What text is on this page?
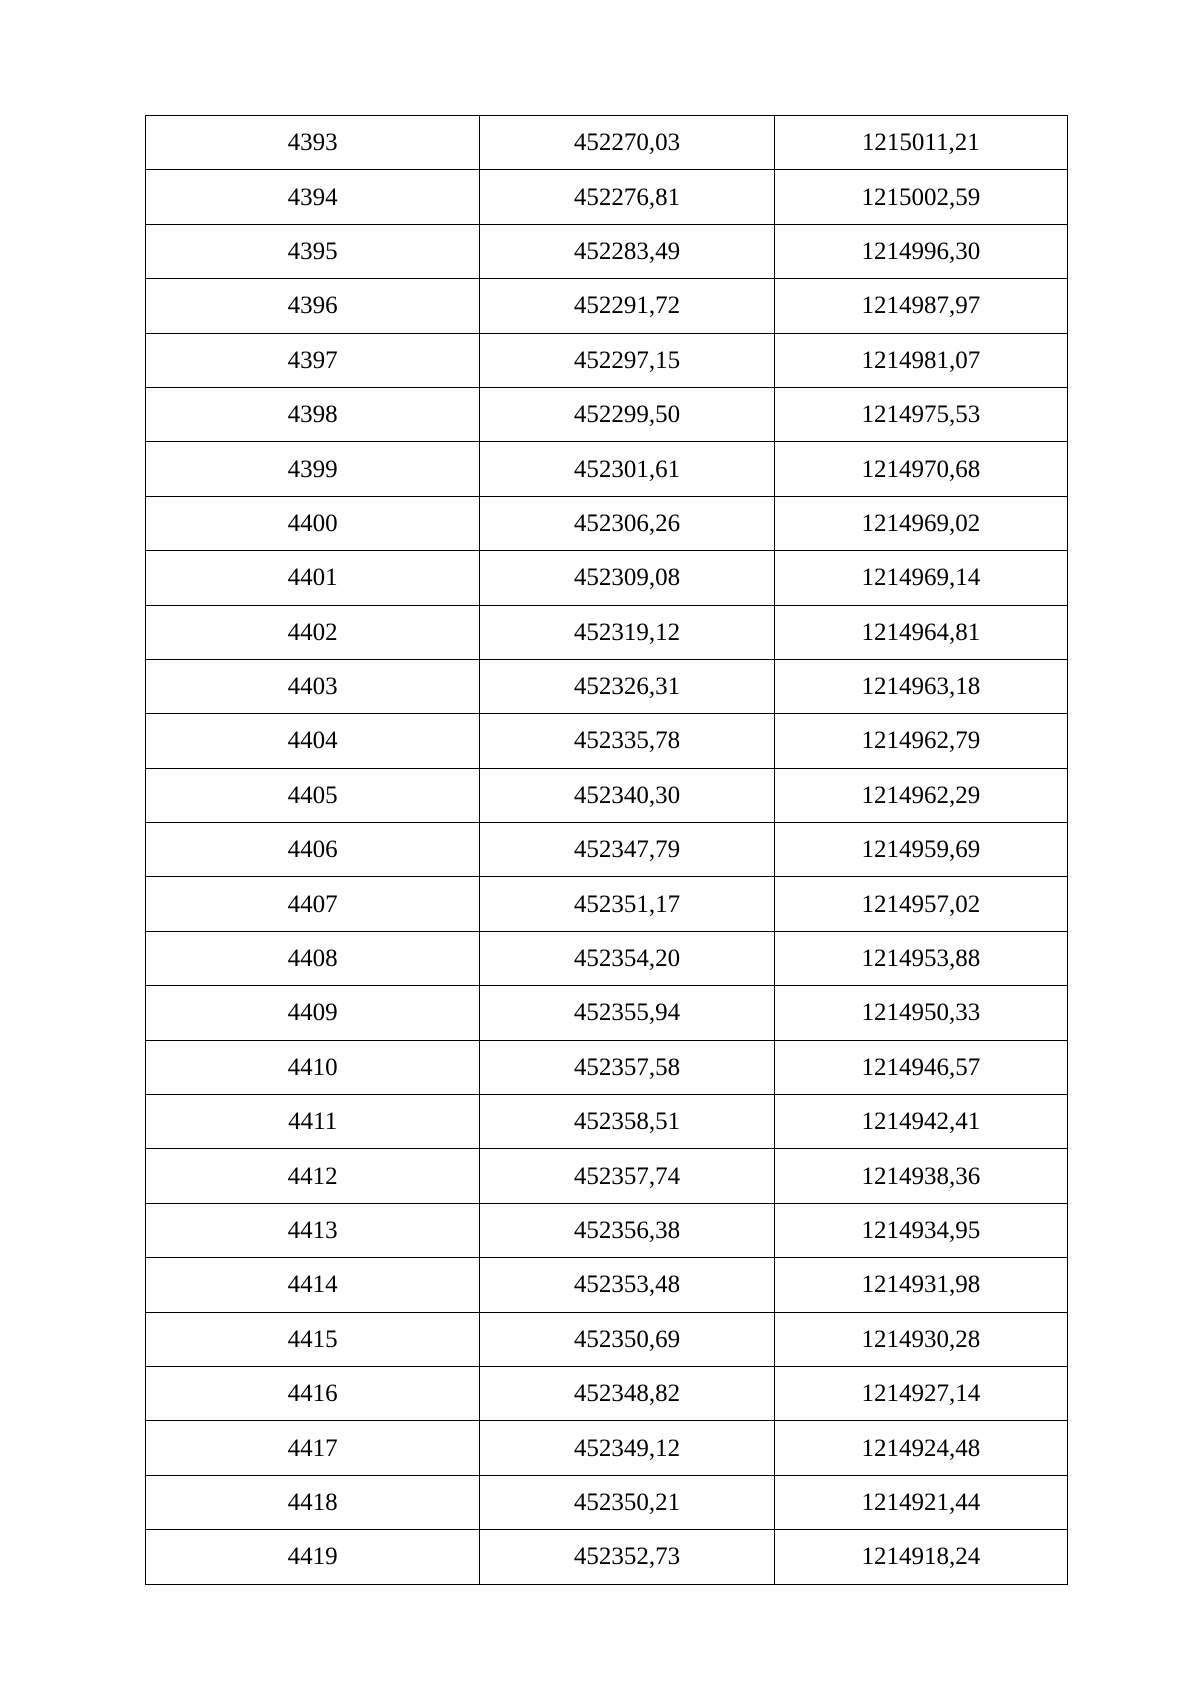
4393	452270,03	1215011,21
4394	452276,81	1215002,59
4395	452283,49	1214996,30
4396	452291,72	1214987,97
4397	452297,15	1214981,07
4398	452299,50	1214975,53
4399	452301,61	1214970,68
4400	452306,26	1214969,02
4401	452309,08	1214969,14
4402	452319,12	1214964,81
4403	452326,31	1214963,18
4404	452335,78	1214962,79
4405	452340,30	1214962,29
4406	452347,79	1214959,69
4407	452351,17	1214957,02
4408	452354,20	1214953,88
4409	452355,94	1214950,33
4410	452357,58	1214946,57
4411	452358,51	1214942,41
4412	452357,74	1214938,36
4413	452356,38	1214934,95
4414	452353,48	1214931,98
4415	452350,69	1214930,28
4416	452348,82	1214927,14
4417	452349,12	1214924,48
4418	452350,21	1214921,44
4419	452352,73	1214918,24
